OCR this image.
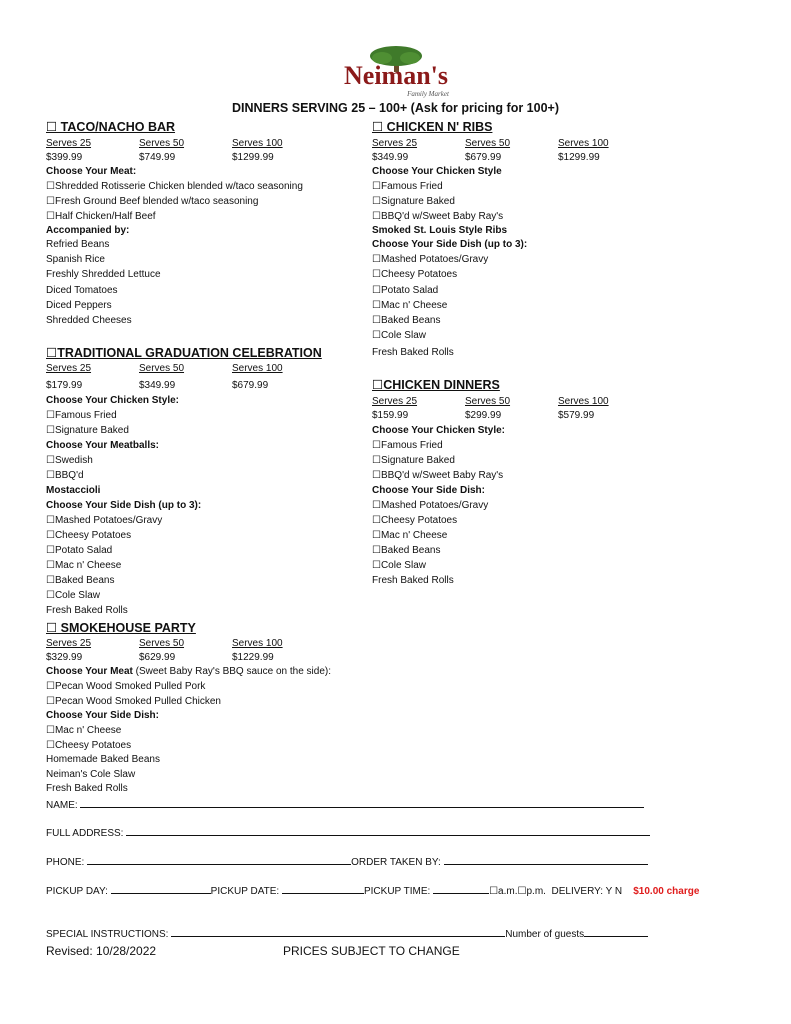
Neiman's
Family Market
DINNERS SERVING 25 – 100+ (Ask for pricing for 100+)
☐ TACO/NACHO BAR
Serves 25	Serves 50	Serves 100
$399.99	$749.99	$1299.99
Choose Your Meat:
☐Shredded Rotisserie Chicken blended w/taco seasoning
☐Fresh Ground Beef blended w/taco seasoning
☐Half Chicken/Half Beef
Accompanied by:
Refried Beans
Spanish Rice
Freshly Shredded Lettuce
Diced Tomatoes
Diced Peppers
Shredded Cheeses
☐TRADITIONAL GRADUATION CELEBRATION
Serves 25	Serves 50	Serves 100
$179.99	$349.99	$679.99
Choose Your Chicken Style:
☐Famous Fried
☐Signature Baked
Choose Your Meatballs:
☐Swedish
☐BBQ'd
Mostaccioli
Choose Your Side Dish (up to 3):
☐Mashed Potatoes/Gravy
☐Cheesy Potatoes
☐Potato Salad
☐Mac n' Cheese
☐Baked Beans
☐Cole Slaw
Fresh Baked Rolls
☐ SMOKEHOUSE PARTY
Serves 25	Serves 50	Serves 100
$329.99	$629.99	$1229.99
Choose Your Meat (Sweet Baby Ray's BBQ sauce on the side):
☐Pecan Wood Smoked Pulled Pork
☐Pecan Wood Smoked Pulled Chicken
Choose Your Side Dish:
☐Mac n' Cheese
☐Cheesy Potatoes
Homemade Baked Beans
Neiman's Cole Slaw
Fresh Baked Rolls
☐ CHICKEN N' RIBS
Serves 25	Serves 50	Serves 100
$349.99	$679.99	$1299.99
Choose Your Chicken Style
☐Famous Fried
☐Signature Baked
☐BBQ'd w/Sweet Baby Ray's
Smoked St. Louis Style Ribs
Choose Your Side Dish (up to 3):
☐Mashed Potatoes/Gravy
☐Cheesy Potatoes
☐Potato Salad
☐Mac n' Cheese
☐Baked Beans
☐Cole Slaw
Fresh Baked Rolls
☐CHICKEN DINNERS
Serves 25	Serves 50	Serves 100
$159.99	$299.99	$579.99
Choose Your Chicken Style:
☐Famous Fried
☐Signature Baked
☐BBQ'd w/Sweet Baby Ray's
Choose Your Side Dish:
☐Mashed Potatoes/Gravy
☐Cheesy Potatoes
☐Mac n' Cheese
☐Baked Beans
☐Cole Slaw
Fresh Baked Rolls
NAME:
FULL ADDRESS:
PHONE:	ORDER TAKEN BY:
PICKUP DAY:	PICKUP DATE:	PICKUP TIME:	☐a.m.☐p.m. DELIVERY: Y N $10.00 charge
SPECIAL INSTRUCTIONS:	Number of guests
Revised: 10/28/2022	PRICES SUBJECT TO CHANGE
